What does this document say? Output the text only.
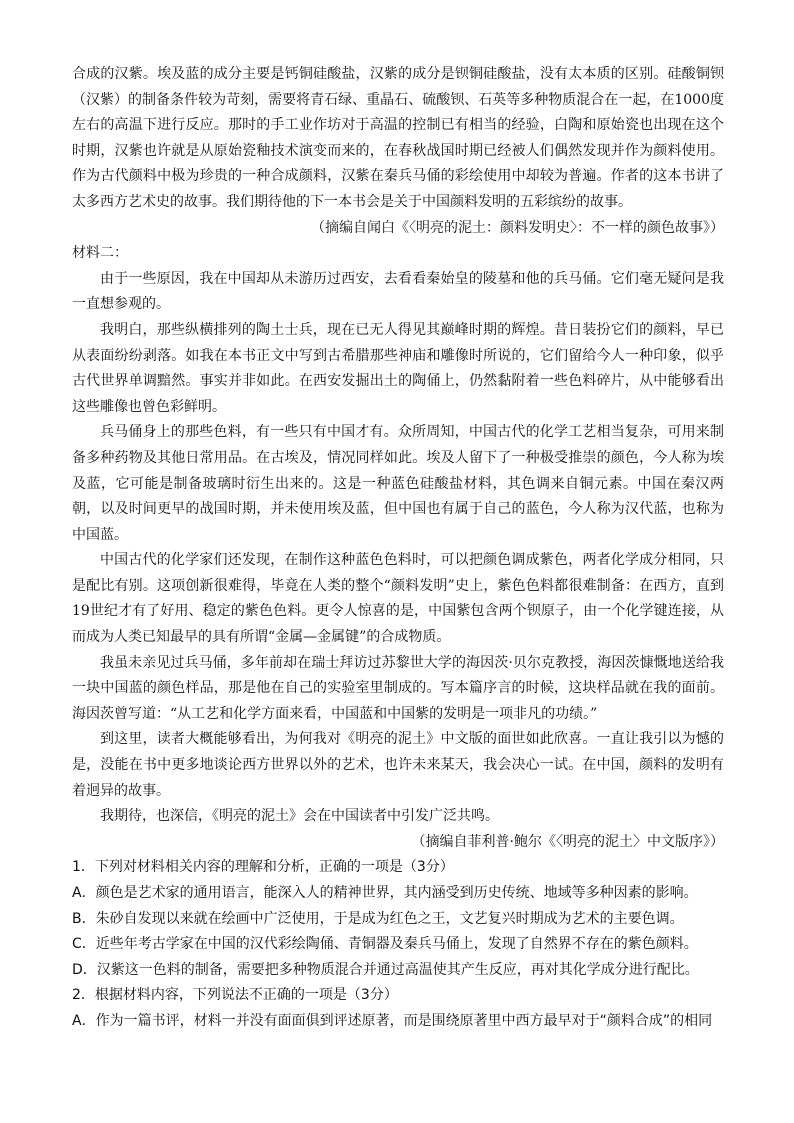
合成的汉紫。埃及蓝的成分主要是钙铜硅酸盐，汉紫的成分是钡铜硅酸盐，没有太本质的区别。硅酸铜钡（汉紫）的制备条件较为苛刻，需要将青石绿、重晶石、硫酸钡、石英等多种物质混合在一起，在1000度左右的高温下进行反应。那时的手工业作坊对于高温的控制已有相当的经验，白陶和原始瓷也出现在这个时期，汉紫也许就是从原始瓷釉技术演变而来的，在春秋战国时期已经被人们偶然发现并作为颜料使用。作为古代颜料中极为珍贵的一种合成颜料，汉紫在秦兵马俑的彩绘使用中却较为普遍。作者的这本书讲了太多西方艺术史的故事。我们期待他的下一本书会是关于中国颜料发明的五彩缤纷的故事。

（摘编自闻白《〈明亮的泥土：颜料发明史〉：不一样的颜色故事》）

材料二：

由于一些原因，我在中国却从未游历过西安，去看看秦始皇的陵墓和他的兵马俑。它们毫无疑问是我一直想参观的。

我明白，那些纵横排列的陶土士兵，现在已无人得见其巅峰时期的辉煌。昔日装扮它们的颜料，早已从表面纷纷剥落。如我在本书正文中写到古希腊那些神庙和雕像时所说的，它们留给今人一种印象，似乎古代世界单调黯然。事实并非如此。在西安发掘出土的陶俑上，仍然黏附着一些色料碎片，从中能够看出这些雕像也曾色彩鲜明。

兵马俑身上的那些色料，有一些只有中国才有。众所周知，中国古代的化学工艺相当复杂，可用来制备多种药物及其他日常用品。在古埃及，情况同样如此。埃及人留下了一种极受推崇的颜色，今人称为埃及蓝，它可能是制备玻璃时衍生出来的。这是一种蓝色硅酸盐材料，其色调来自铜元素。中国在秦汉两朝，以及时间更早的战国时期，并未使用埃及蓝，但中国也有属于自己的蓝色，今人称为汉代蓝，也称为中国蓝。

中国古代的化学家们还发现，在制作这种蓝色色料时，可以把颜色调成紫色，两者化学成分相同，只是配比有别。这项创新很难得，毕竟在人类的整个“颜料发明”史上，紫色色料都很难制备：在西方，直到19世纪才有了好用、稳定的紫色色料。更令人惊喜的是，中国紫包含两个钡原子，由一个化学键连接，从而成为人类已知最早的具有所谓“金属—金属键”的合成物质。

我虽未亲见过兵马俑，多年前却在瑞士拜访过苏黎世大学的海因茨·贝尔克教授，海因茨慷慨地送给我一块中国蓝的颜色样品，那是他在自己的实验室里制成的。写本篇序言的时候，这块样品就在我的面前。海因茨曾写道：“从工艺和化学方面来看，中国蓝和中国紫的发明是一项非凡的功绩。”

到这里，读者大概能够看出，为何我对《明亮的泥土》中文版的面世如此欣喜。一直让我引以为憾的是，没能在书中更多地谈论西方世界以外的艺术，也许未来某天，我会决心一试。在中国，颜料的发明有着迥异的故事。

我期待，也深信，《明亮的泥土》会在中国读者中引发广泛共鸣。

（摘编自菲利普·鲍尔《〈明亮的泥土〉中文版序》）

1．下列对材料相关内容的理解和分析，正确的一项是（3分）

A．颜色是艺术家的通用语言，能深入人的精神世界，其内涵受到历史传统、地域等多种因素的影响。

B．朱砂自发现以来就在绘画中广泛使用，于是成为红色之王，文艺复兴时期成为艺术的主要色调。

C．近些年考古学家在中国的汉代彩绘陶俑、青铜器及秦兵马俑上，发现了自然界不存在的紫色颜料。

D．汉紫这一色料的制备，需要把多种物质混合并通过高温使其产生反应，再对其化学成分进行配比。

2．根据材料内容，下列说法不正确的一项是（3分）

A．作为一篇书评，材料一并没有面面俱到评述原著，而是围绕原著里中西方最早对于“颜料合成”的相同
